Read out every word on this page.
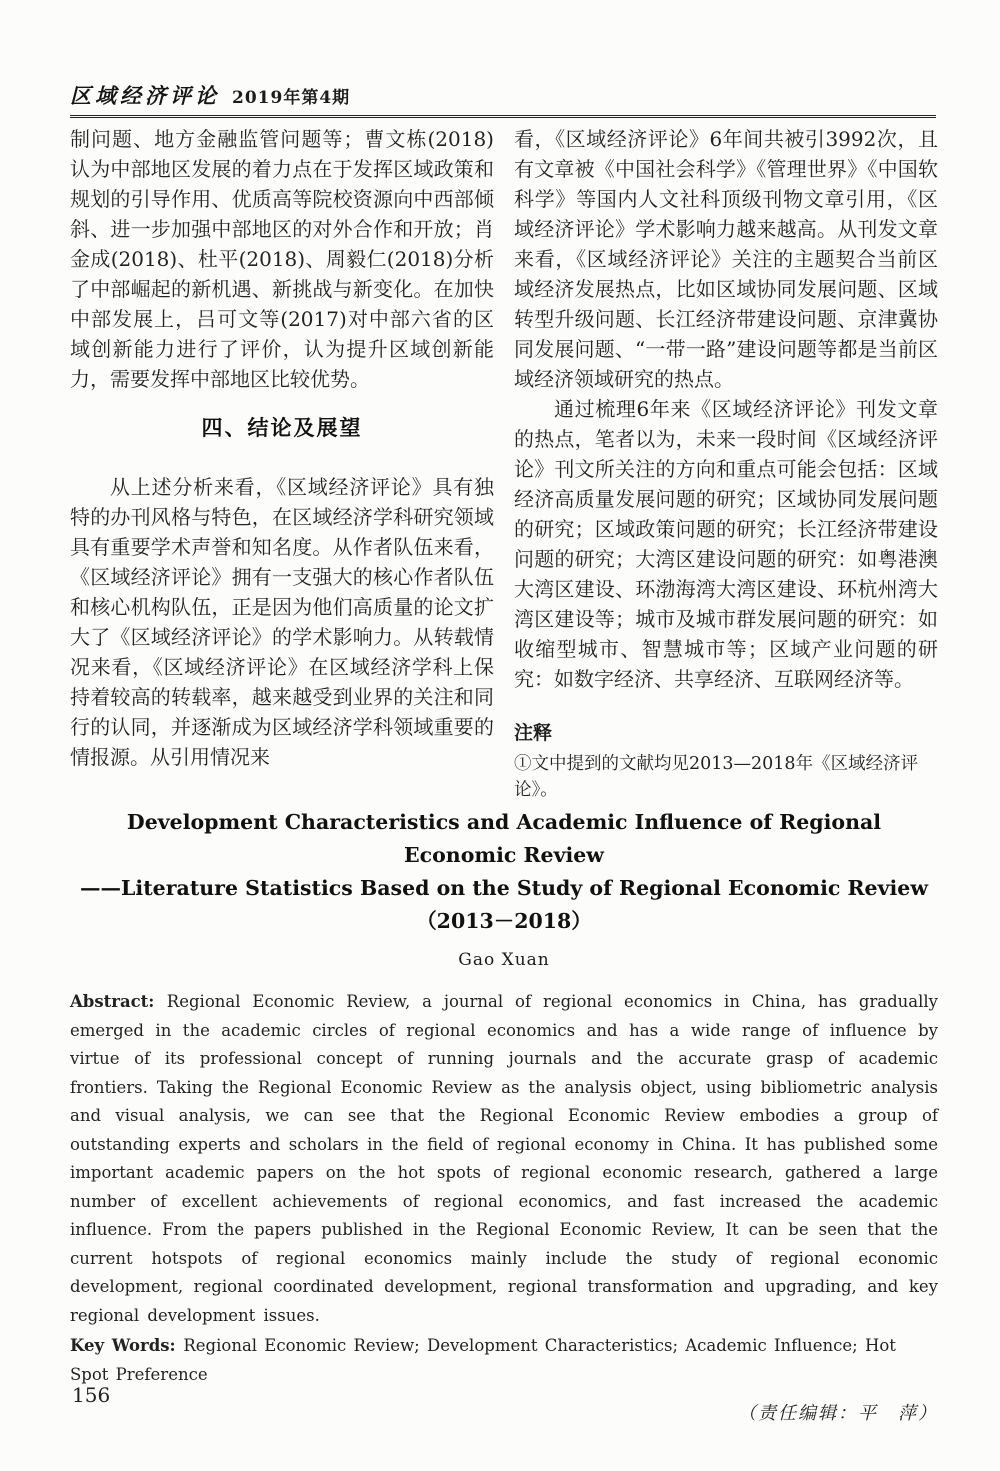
区域经济评论 2019年第4期

制问题、地方金融监管问题等；曹文栋(2018)认为中部地区发展的着力点在于发挥区域政策和规划的引导作用、优质高等院校资源向中西部倾斜、进一步加强中部地区的对外合作和开放；肖金成(2018)、杜平(2018)、周毅仁(2018)分析了中部崛起的新机遇、新挑战与新变化。在加快中部发展上，吕可文等(2017)对中部六省的区域创新能力进行了评价，认为提升区域创新能力，需要发挥中部地区比较优势。

四、结论及展望

从上述分析来看，《区域经济评论》具有独特的办刊风格与特色，在区域经济学科研究领域具有重要学术声誉和知名度。从作者队伍来看，《区域经济评论》拥有一支强大的核心作者队伍和核心机构队伍，正是因为他们高质量的论文扩大了《区域经济评论》的学术影响力。从转载情况来看，《区域经济评论》在区域经济学科上保持着较高的转载率，越来越受到业界的关注和同行的认同，并逐渐成为区域经济学科领域重要的情报源。从引用情况来

看，《区域经济评论》6年间共被引3992次，且有文章被《中国社会科学》《管理世界》《中国软科学》等国内人文社科顶级刊物文章引用，《区域经济评论》学术影响力越来越高。从刊发文章来看，《区域经济评论》关注的主题契合当前区域经济发展热点，比如区域协同发展问题、区域转型升级问题、长江经济带建设问题、京津冀协同发展问题、“一带一路”建设问题等都是当前区域经济领域研究的热点。

通过梳理6年来《区域经济评论》刊发文章的热点，笔者以为，未来一段时间《区域经济评论》刊文所关注的方向和重点可能会包括：区域经济高质量发展问题的研究；区域协同发展问题的研究；区域政策问题的研究；长江经济带建设问题的研究；大湾区建设问题的研究：如粤港澳大湾区建设、环渤海湾大湾区建设、环杭州湾大湾区建设等；城市及城市群发展问题的研究：如收缩型城市、智慧城市等；区域产业问题的研究：如数字经济、共享经济、互联网经济等。

注释

①文中提到的文献均见2013—2018年《区域经济评论》。

Development Characteristics and Academic Influence of Regional Economic Review
——Literature Statistics Based on the Study of Regional Economic Review（2013－2018）

Gao Xuan

Abstract: Regional Economic Review, a journal of regional economics in China, has gradually emerged in the academic circles of regional economics and has a wide range of influence by virtue of its professional concept of running journals and the accurate grasp of academic frontiers. Taking the Regional Economic Review as the analysis object, using bibliometric analysis and visual analysis, we can see that the Regional Economic Review embodies a group of outstanding experts and scholars in the field of regional economy in China. It has published some important academic papers on the hot spots of regional economic research, gathered a large number of excellent achievements of regional economics, and fast increased the academic influence. From the papers published in the Regional Economic Review, It can be seen that the current hotspots of regional economics mainly include the study of regional economic development, regional coordinated development, regional transformation and upgrading, and key regional development issues.

Key Words: Regional Economic Review; Development Characteristics; Academic Influence; Hot Spot Preference

（责任编辑：平　萍）

156
